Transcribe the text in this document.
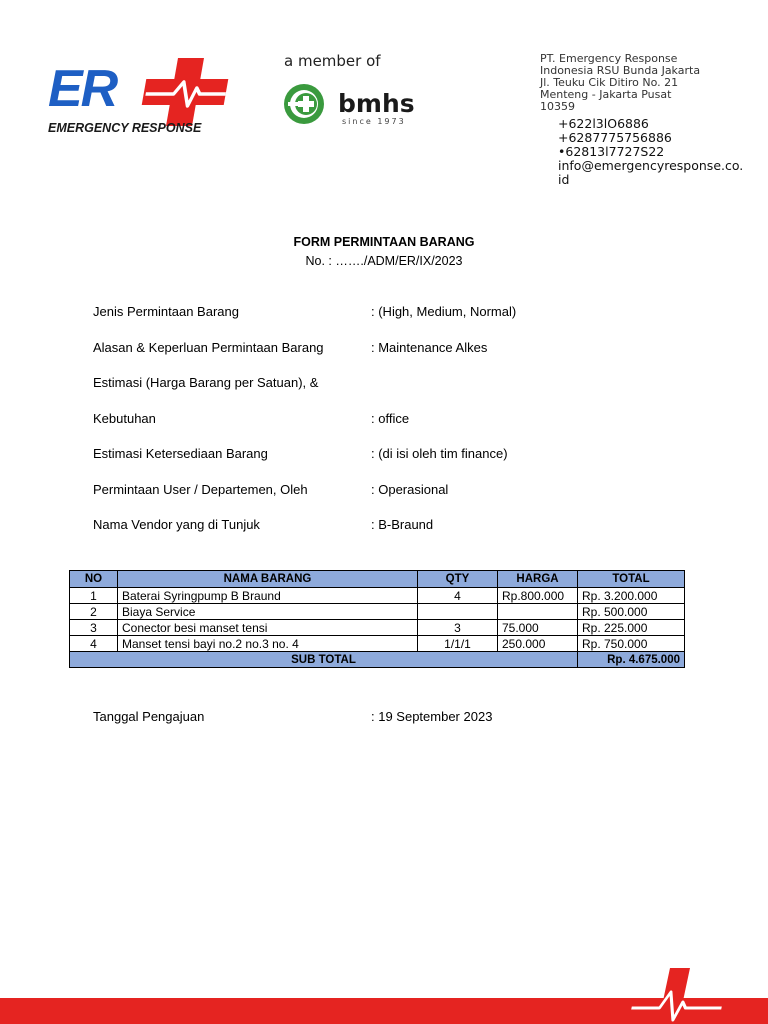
ER
EMERGENCY RESPONSE
a member of
bmhs
since 1973
PT. Emergency Response
Indonesia RSU Bunda Jakarta
Jl. Teuku Cik Ditiro No. 21
Menteng - Jakarta Pusat
10359
+622l3lO6886
+6287775756886
•62813l7727S22
info@emergencyresponse.co.
id
FORM PERMINTAAN BARANG
No. : ……./ADM/ER/IX/2023
Jenis Permintaan Barang	: (High, Medium, Normal)
Alasan & Keperluan Permintaan Barang	: Maintenance Alkes
Estimasi (Harga Barang per Satuan), &
Kebutuhan	: office
Estimasi Ketersediaan Barang	: (di isi oleh tim finance)
Permintaan User / Departemen, Oleh	: Operasional
Nama Vendor yang di Tunjuk	: B-Braund
NO	NAMA BARANG	QTY	HARGA	TOTAL
1	Baterai Syringpump B Braund	4	Rp.800.000	Rp. 3.200.000
2	Biaya Service			Rp. 500.000
3	Conector besi manset tensi	3	75.000	Rp. 225.000
4	Manset tensi bayi no.2 no.3 no. 4	1/1/1	250.000	Rp. 750.000
SUB TOTAL				Rp. 4.675.000
Tanggal Pengajuan	: 19 September 2023
